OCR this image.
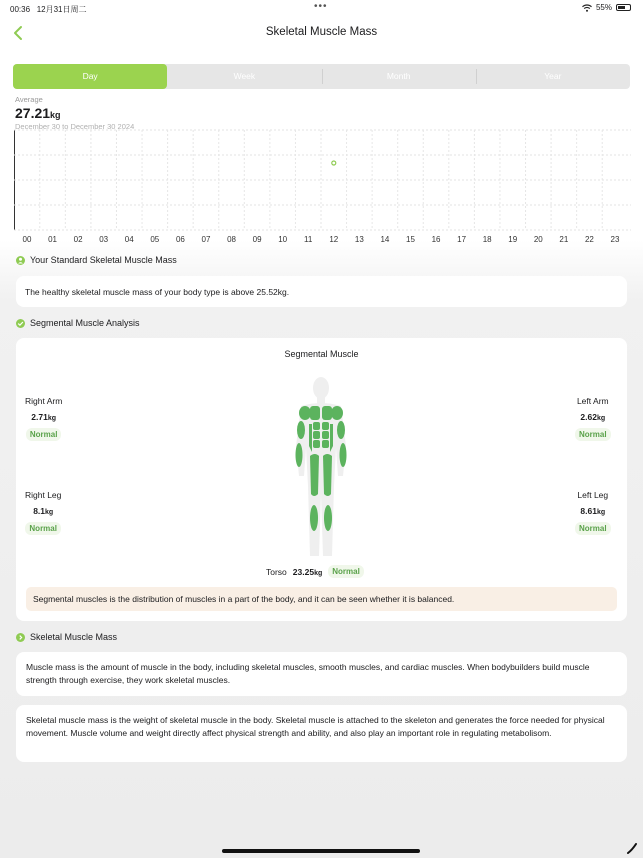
00:36 12月31日周二	•••	55%
Skeletal Muscle Mass
Day	Week	Month	Year
Average
27.21kg
December 30 to December 30 2024
00 01 02 03 04 05 06 07 08 09 10 11 12 13 14 15 16 17 18 19 20 21 22 23
Your Standard Skeletal Muscle Mass
The healthy skeletal muscle mass of your body type is above 25.52kg.
Segmental Muscle Analysis
Segmental Muscle
Right Arm
2.71kg
Normal
Left Arm
2.62kg
Normal
Right Leg
8.1kg
Normal
Left Leg
8.61kg
Normal
Torso 23.25kg	Normal
Segmental muscles is the distribution of muscles in a part of the body, and it can be seen whether it is balanced.
Skeletal Muscle Mass
Muscle mass is the amount of muscle in the body, including skeletal muscles, smooth muscles, and cardiac muscles. When bodybuilders build muscle strength through exercise, they work skeletal muscles.
Skeletal muscle mass is the weight of skeletal muscle in the body. Skeletal muscle is attached to the skeleton and generates the force needed for physical movement. Muscle volume and weight directly affect physical strength and ability, and also play an important role in regulating metabolisom.
